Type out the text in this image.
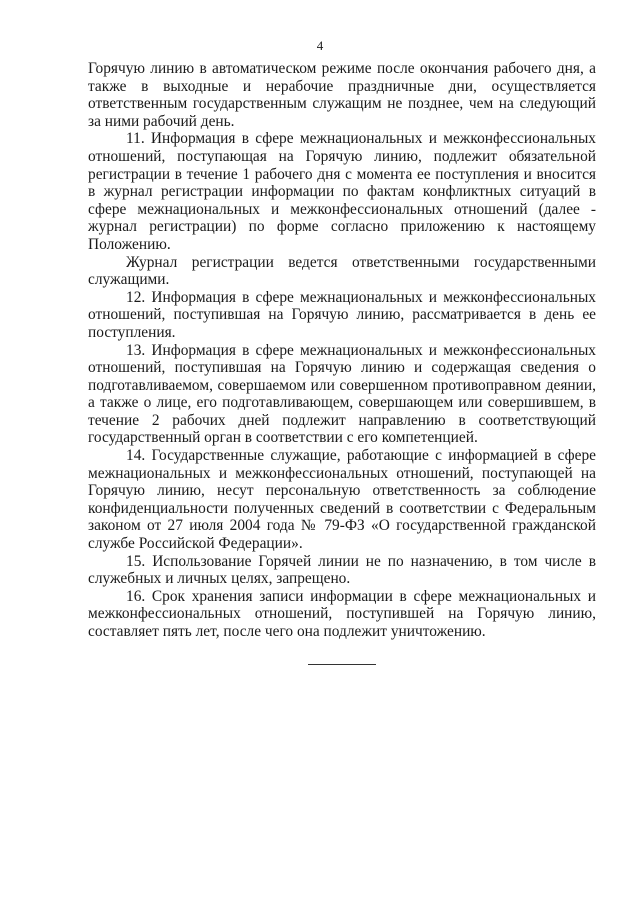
4

Горячую линию в автоматическом режиме после окончания рабочего дня, а также в выходные и нерабочие праздничные дни, осуществляется ответственным государственным служащим не позднее, чем на следующий за ними рабочий день.

11. Информация в сфере межнациональных и межконфессиональных отношений, поступающая на Горячую линию, подлежит обязательной регистрации в течение 1 рабочего дня с момента ее поступления и вносится в журнал регистрации информации по фактам конфликтных ситуаций в сфере межнациональных и межконфессиональных отношений (далее - журнал регистрации) по форме согласно приложению к настоящему Положению.

Журнал регистрации ведется ответственными государственными служащими.

12. Информация в сфере межнациональных и межконфессиональных отношений, поступившая на Горячую линию, рассматривается в день ее поступления.

13. Информация в сфере межнациональных и межконфессиональных отношений, поступившая на Горячую линию и содержащая сведения о подготавливаемом, совершаемом или совершенном противоправном деянии, а также о лице, его подготавливающем, совершающем или совершившем, в течение 2 рабочих дней подлежит направлению в соответствующий государственный орган в соответствии с его компетенцией.

14. Государственные служащие, работающие с информацией в сфере межнациональных и межконфессиональных отношений, поступающей на Горячую линию, несут персональную ответственность за соблюдение конфиденциальности полученных сведений в соответствии с Федеральным законом от 27 июля 2004 года № 79-ФЗ «О государственной гражданской службе Российской Федерации».

15. Использование Горячей линии не по назначению, в том числе в служебных и личных целях, запрещено.

16. Срок хранения записи информации в сфере межнациональных и межконфессиональных отношений, поступившей на Горячую линию, составляет пять лет, после чего она подлежит уничтожению.
